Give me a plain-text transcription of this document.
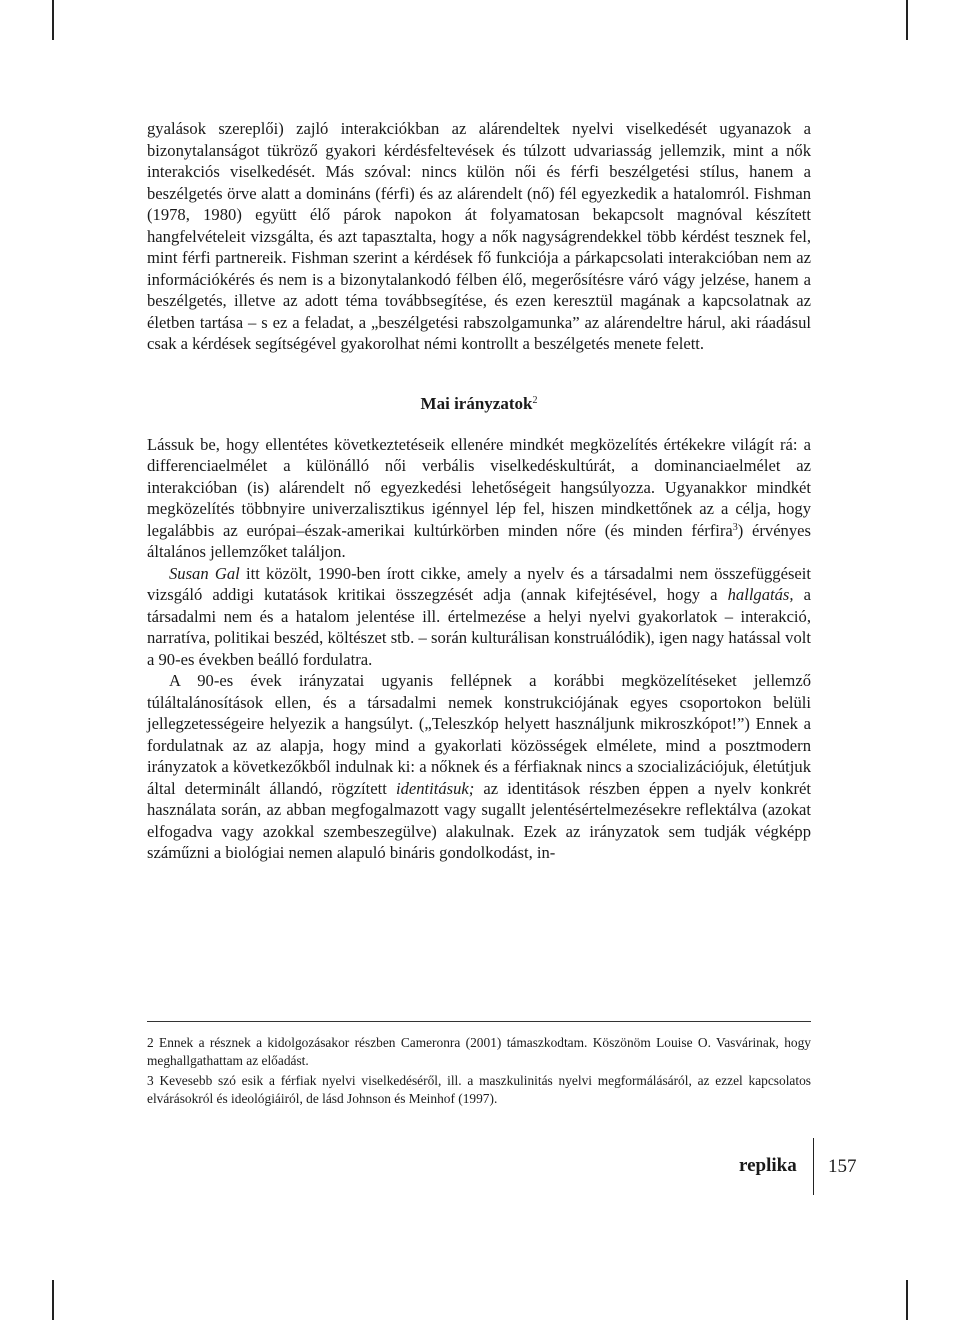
gyalások szereplői) zajló interakciókban az alárendeltek nyelvi viselkedését ugyanazok a bizonytalanságot tükröző gyakori kérdésfeltevések és túlzott udvariasság jellemzik, mint a nők interakciós viselkedését. Más szóval: nincs külön női és férfi beszélgetési stílus, hanem a beszélgetés örve alatt a domináns (férfi) és az alárendelt (nő) fél egyezkedik a hatalomról. Fishman (1978, 1980) együtt élő párok napokon át folyamatosan bekapcsolt magnóval készített hangfelvételeit vizsgálta, és azt tapasztalta, hogy a nők nagyságrendekkel több kérdést tesznek fel, mint férfi partnereik. Fishman szerint a kérdések fő funkciója a párkapcsolati interakcióban nem az információkérés és nem is a bizonytalankodó félben élő, megerősítésre váró vágy jelzése, hanem a beszélgetés, illetve az adott téma továbbsegítése, és ezen keresztül magának a kapcsolatnak az életben tartása – s ez a feladat, a „beszélgetési rabszolgamunka” az alárendeltre hárul, aki ráadásul csak a kérdések segítségével gyakorolhat némi kontrollt a beszélgetés menete felett.

Mai irányzatok$^2$

Lássuk be, hogy ellentétes következtetéseik ellenére mindkét megközelítés értékekre világít rá: a differenciaelmélet a különálló női verbális viselkedéskultúrát, a dominanciaelmélet az interakcióban (is) alárendelt nő egyezkedési lehetőségeit hangsúlyozza. Ugyanakkor mindkét megközelítés többnyire univerzalisztikus igénnyel lép fel, hiszen mindkettőnek az a célja, hogy legalábbis az európai–észak-amerikai kultúrkörben minden nőre (és minden férfira$^3$) érvényes általános jellemzőket találjon.

Susan Gal itt közölt, 1990-ben írott cikke, amely a nyelv és a társadalmi nem összefüggéseit vizsgáló addigi kutatások kritikai összegzését adja (annak kifejtésével, hogy a hallgatás, a társadalmi nem és a hatalom jelentése ill. értelmezése a helyi nyelvi gyakorlatok – interakció, narratíva, politikai beszéd, költészet stb. – során kulturálisan konstruálódik), igen nagy hatással volt a 90-es években beálló fordulatra.

A 90-es évek irányzatai ugyanis fellépnek a korábbi megközelítéseket jellemző túláltalánosítások ellen, és a társadalmi nemek konstrukciójának egyes csoportokon belüli jellegzetességeire helyezik a hangsúlyt. („Teleszkóp helyett használjunk mikroszkópot!”) Ennek a fordulatnak az az alapja, hogy mind a gyakorlati közösségek elmélete, mind a posztmodern irányzatok a következőkből indulnak ki: a nőknek és a férfiaknak nincs a szocializációjuk, életútjuk által determinált állandó, rögzített identitásuk; az identitások részben éppen a nyelv konkrét használata során, az abban megfogalmazott vagy sugallt jelentésértelmezésekre reflektálva (azokat elfogadva vagy azokkal szembeszegülve) alakulnak. Ezek az irányzatok sem tudják végképp száműzni a biológiai nemen alapuló bináris gondolkodást, in-

2 Ennek a résznek a kidolgozásakor részben Cameronra (2001) támaszkodtam. Köszönöm Louise O. Vasvárinak, hogy meghallgathattam az előadást.

3 Kevesebb szó esik a férfiak nyelvi viselkedéséről, ill. a maszkulinitás nyelvi megformálásáról, az ezzel kapcsolatos elvárásokról és ideológiáiról, de lásd Johnson és Meinhof (1997).

replika 157
